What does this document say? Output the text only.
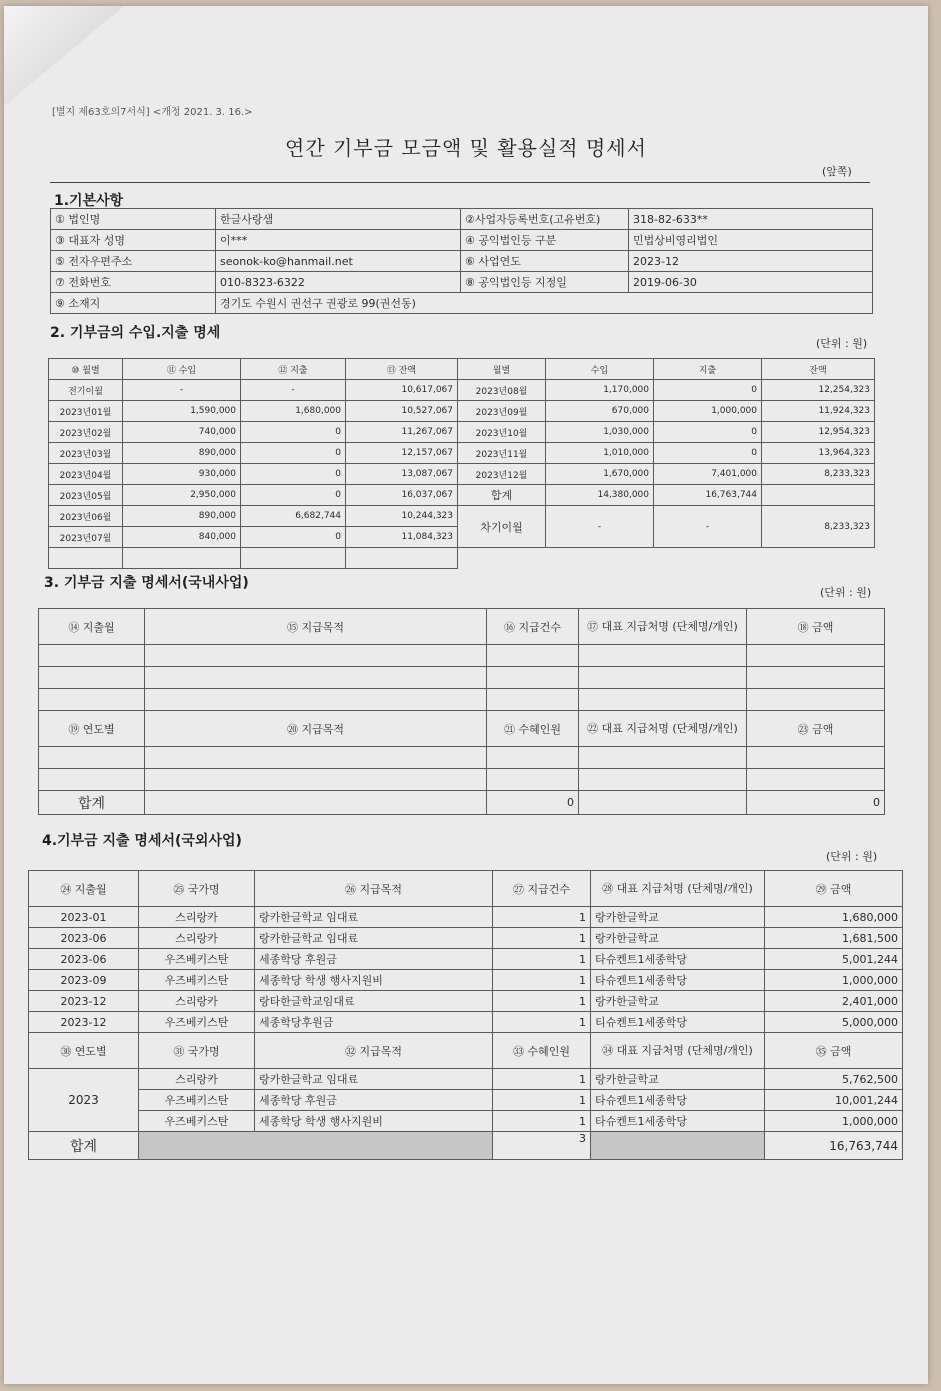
[별지 제63호의7서식] <개정 2021. 3. 16.>
연간 기부금 모금액 및 활용실적 명세서
(앞쪽)
1.기본사항
① 법인명	한글사랑샘	②사업자등록번호(고유번호)	318-82-633**
③ 대표자 성명	이***	④ 공익법인등 구분	민법상비영리법인
⑤ 전자우편주소	seonok-ko@hanmail.net	⑥ 사업연도	2023-12
⑦ 전화번호	010-8323-6322	⑧ 공익법인등 지정일	2019-06-30
⑨ 소재지	경기도 수원시 권선구 권광로 99(권선동)		
2. 기부금의 수입.지출 명세
(단위 : 원)
⑩ 월별	⑪ 수입	⑫ 지출	⑬ 잔액	월별	수입	지출	잔액
전기이월	-	-	10,617,067	2023년08월	1,170,000	0	12,254,323
2023년01월	1,590,000	1,680,000	10,527,067	2023년09월	670,000	1,000,000	11,924,323
2023년02월	740,000	0	11,267,067	2023년10월	1,030,000	0	12,954,323
2023년03월	890,000	0	12,157,067	2023년11월	1,010,000	0	13,964,323
2023년04월	930,000	0	13,087,067	2023년12월	1,670,000	7,401,000	8,233,323
2023년05월	2,950,000	0	16,037,067	합계	14,380,000	16,763,744	
2023년06월	890,000	6,682,744	10,244,323	차기이월	-	-	8,233,323
2023년07월	840,000	0	11,084,323				

3. 기부금 지출 명세서(국내사업)
(단위 : 원)
⑭ 지출월	⑮ 지급목적	⑯ 지급건수	⑰ 대표 지급처명 (단체명/개인)	⑱ 금액

⑲ 연도별	⑳ 지급목적	㉑ 수혜인원	㉒ 대표 지급처명 (단체명/개인)	㉓ 금액

합계		0		0
4.기부금 지출 명세서(국외사업)
(단위 : 원)
㉔ 지출월	㉕ 국가명	㉖ 지급목적	㉗ 지급건수	㉘ 대표 지급처명 (단체명/개인)	㉙ 금액
2023-01	스리랑카	랑카한글학교 임대료	1	랑카한글학교	1,680,000
2023-06	스리랑카	랑카한글학교 임대료	1	랑카한글학교	1,681,500
2023-06	우즈베키스탄	세종학당 후원금	1	타슈켄트1세종학당	5,001,244
2023-09	우즈베키스탄	세종학당 학생 행사지원비	1	타슈켄트1세종학당	1,000,000
2023-12	스리랑카	랑타한글학교임대료	1	랑카한글학교	2,401,000
2023-12	우즈베키스탄	세종학당후원금	1	티슈켄트1세종학당	5,000,000
㉚ 연도별	㉛ 국가명	㉜ 지급목적	㉝ 수혜인원	㉞ 대표 지급처명 (단체명/개인)	㉟ 금액
2023	스리랑카	랑카한글학교 임대료	1	랑카한글학교	5,762,500
	우즈베키스탄	세종학당 후원금	1	타슈켄트1세종학당	10,001,244
	우즈베키스탄	세종학당 학생 행사지원비	1	타슈켄트1세종학당	1,000,000
합계			3		16,763,744
